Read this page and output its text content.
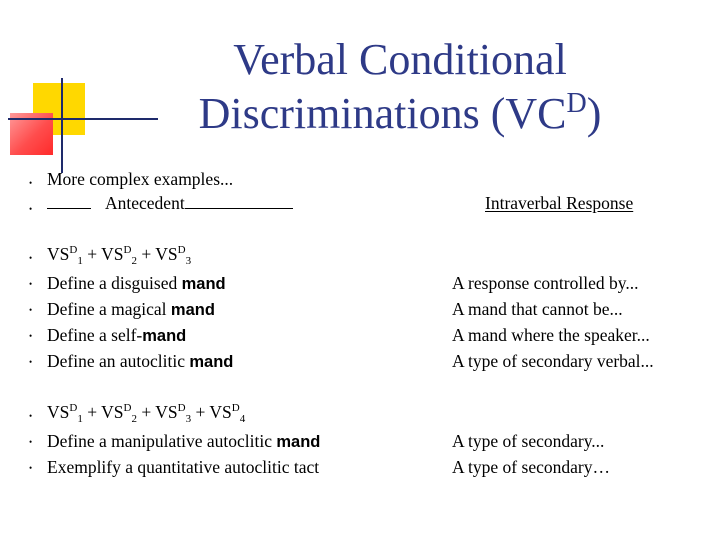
Verbal Conditional
Discriminations $(VC^D)$
• More complex examples...
•	Antecedent	Intraverbal Response
• $VS^D_1 + VS^D_2 + VS^D_3$
• Define a disguised mand	A response controlled by...
• Define a magical mand	A mand that cannot be...
• Define a self-mand	A mand where the speaker...
• Define an autoclitic mand	A type of secondary verbal...
• $VS^D_1 + VS^D_2 + VS^D_3 + VS^D_4$
• Define a manipulative autoclitic mand	A type of secondary...
• Exemplify a quantitative autoclitic tact	A type of secondary…
